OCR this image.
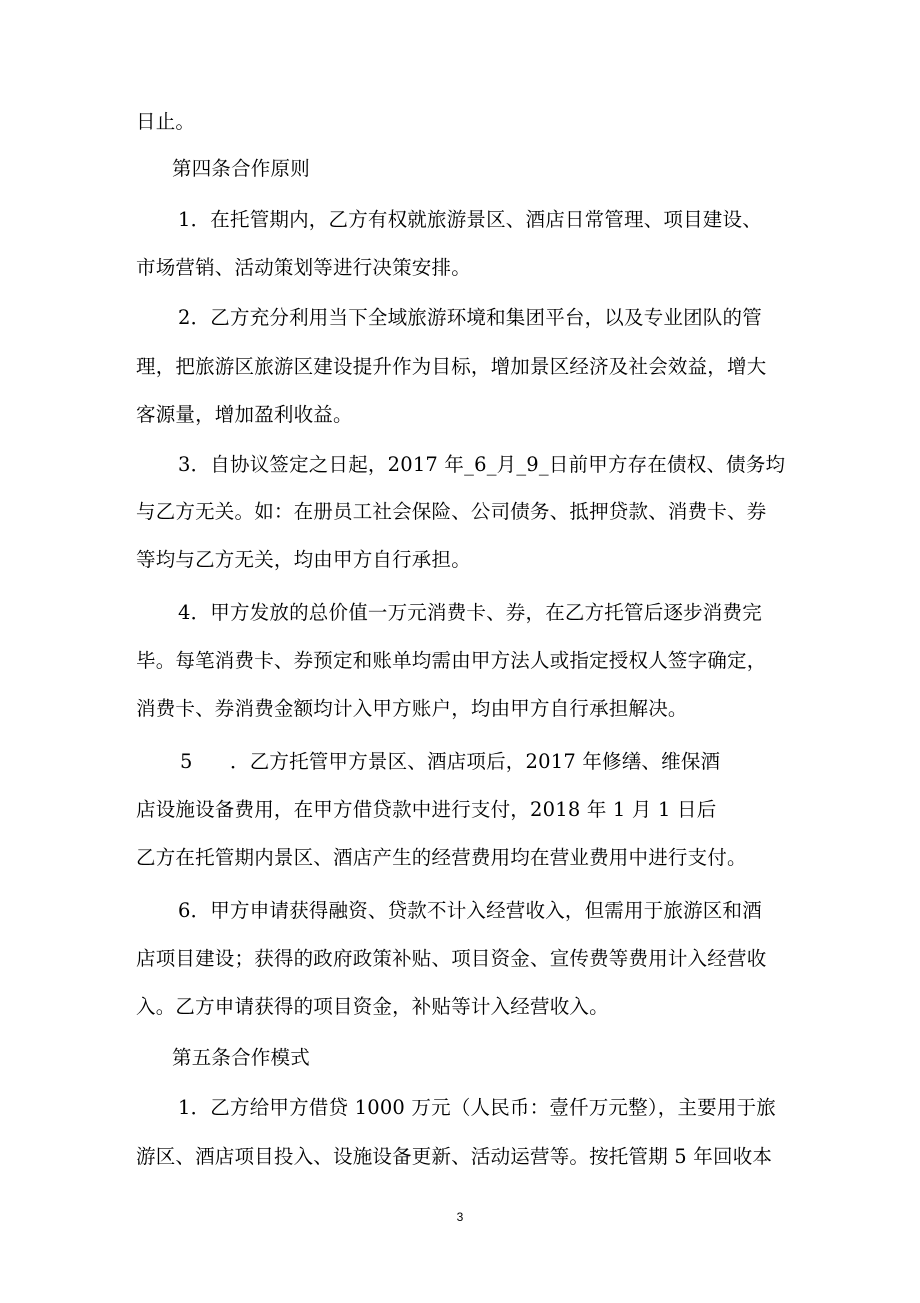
日止。
第四条合作原则
1．在托管期内，乙方有权就旅游景区、酒店日常管理、项目建设、
市场营销、活动策划等进行决策安排。
2．乙方充分利用当下全域旅游环境和集团平台，以及专业团队的管
理，把旅游区旅游区建设提升作为目标，增加景区经济及社会效益，增大
客源量，增加盈利收益。
3．自协议签定之日起，2017 年_6_月_9_日前甲方存在债权、债务均
与乙方无关。如：在册员工社会保险、公司债务、抵押贷款、消费卡、券
等均与乙方无关，均由甲方自行承担。
4．甲方发放的总价值一万元消费卡、券，在乙方托管后逐步消费完
毕。每笔消费卡、券预定和账单均需由甲方法人或指定授权人签字确定，
消费卡、券消费金额均计入甲方账户，均由甲方自行承担解决。
5 ．乙方托管甲方景区、酒店项后，2017 年修缮、维保酒
店设施设备费用，在甲方借贷款中进行支付，2018 年 1 月 1 日后
乙方在托管期内景区、酒店产生的经营费用均在营业费用中进行支付。
6．甲方申请获得融资、贷款不计入经营收入，但需用于旅游区和酒
店项目建设；获得的政府政策补贴、项目资金、宣传费等费用计入经营收
入。乙方申请获得的项目资金，补贴等计入经营收入。
第五条合作模式
1．乙方给甲方借贷 1000 万元（人民币：壹仟万元整），主要用于旅
游区、酒店项目投入、设施设备更新、活动运营等。按托管期 5 年回收本
3
